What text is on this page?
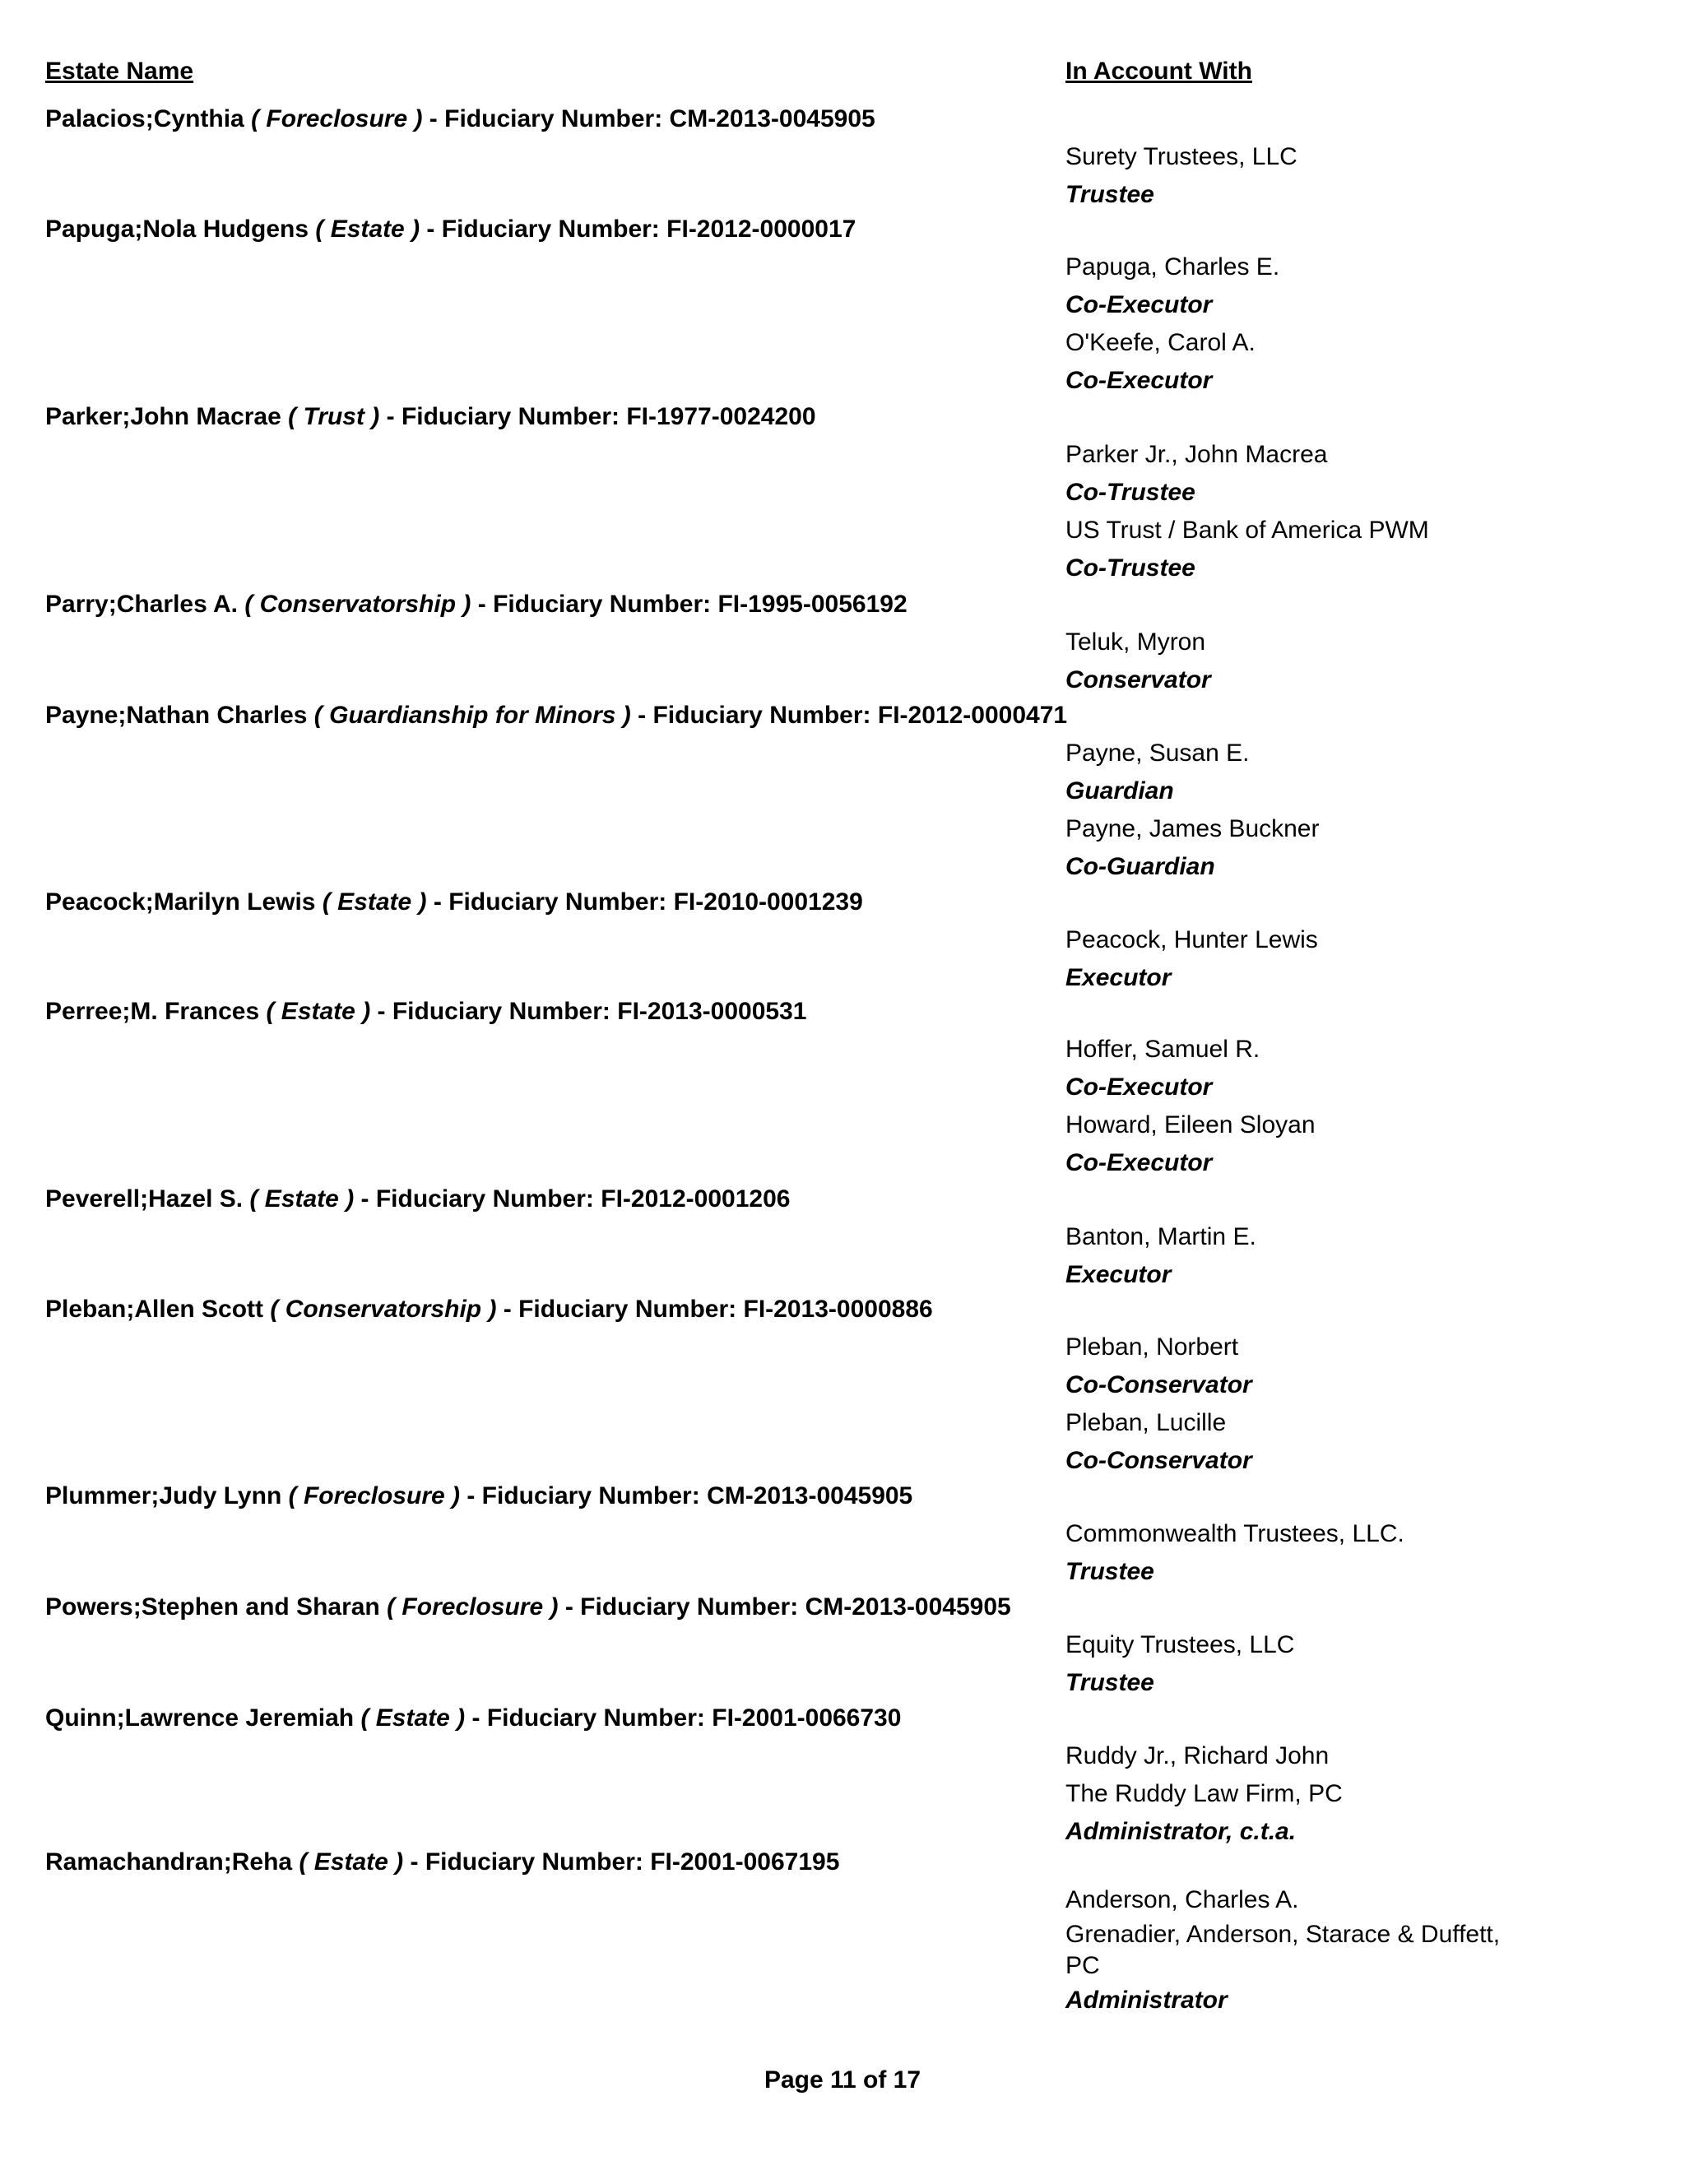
Estate Name	In Account With
Palacios;Cynthia ( Foreclosure ) - Fiduciary Number: CM-2013-0045905
Surety Trustees, LLC
Trustee
Papuga;Nola Hudgens ( Estate ) - Fiduciary Number: FI-2012-0000017
Papuga, Charles E.
Co-Executor
O'Keefe, Carol A.
Co-Executor
Parker;John Macrae ( Trust ) - Fiduciary Number: FI-1977-0024200
Parker Jr., John Macrea
Co-Trustee
US Trust / Bank of America PWM
Co-Trustee
Parry;Charles A. ( Conservatorship ) - Fiduciary Number: FI-1995-0056192
Teluk, Myron
Conservator
Payne;Nathan Charles ( Guardianship for Minors ) - Fiduciary Number: FI-2012-0000471
Payne, Susan E.
Guardian
Payne, James Buckner
Co-Guardian
Peacock;Marilyn Lewis ( Estate ) - Fiduciary Number: FI-2010-0001239
Peacock, Hunter Lewis
Executor
Perree;M. Frances ( Estate ) - Fiduciary Number: FI-2013-0000531
Hoffer, Samuel R.
Co-Executor
Howard, Eileen Sloyan
Co-Executor
Peverell;Hazel S. ( Estate ) - Fiduciary Number: FI-2012-0001206
Banton, Martin E.
Executor
Pleban;Allen Scott ( Conservatorship ) - Fiduciary Number: FI-2013-0000886
Pleban, Norbert
Co-Conservator
Pleban, Lucille
Co-Conservator
Plummer;Judy Lynn ( Foreclosure ) - Fiduciary Number: CM-2013-0045905
Commonwealth Trustees, LLC.
Trustee
Powers;Stephen and Sharan ( Foreclosure ) - Fiduciary Number: CM-2013-0045905
Equity Trustees, LLC
Trustee
Quinn;Lawrence Jeremiah ( Estate ) - Fiduciary Number: FI-2001-0066730
Ruddy Jr., Richard John
The Ruddy Law Firm, PC
Administrator, c.t.a.
Ramachandran;Reha ( Estate ) - Fiduciary Number: FI-2001-0067195
Anderson, Charles A.
Grenadier, Anderson, Starace & Duffett, PC
Administrator
Page 11 of 17
